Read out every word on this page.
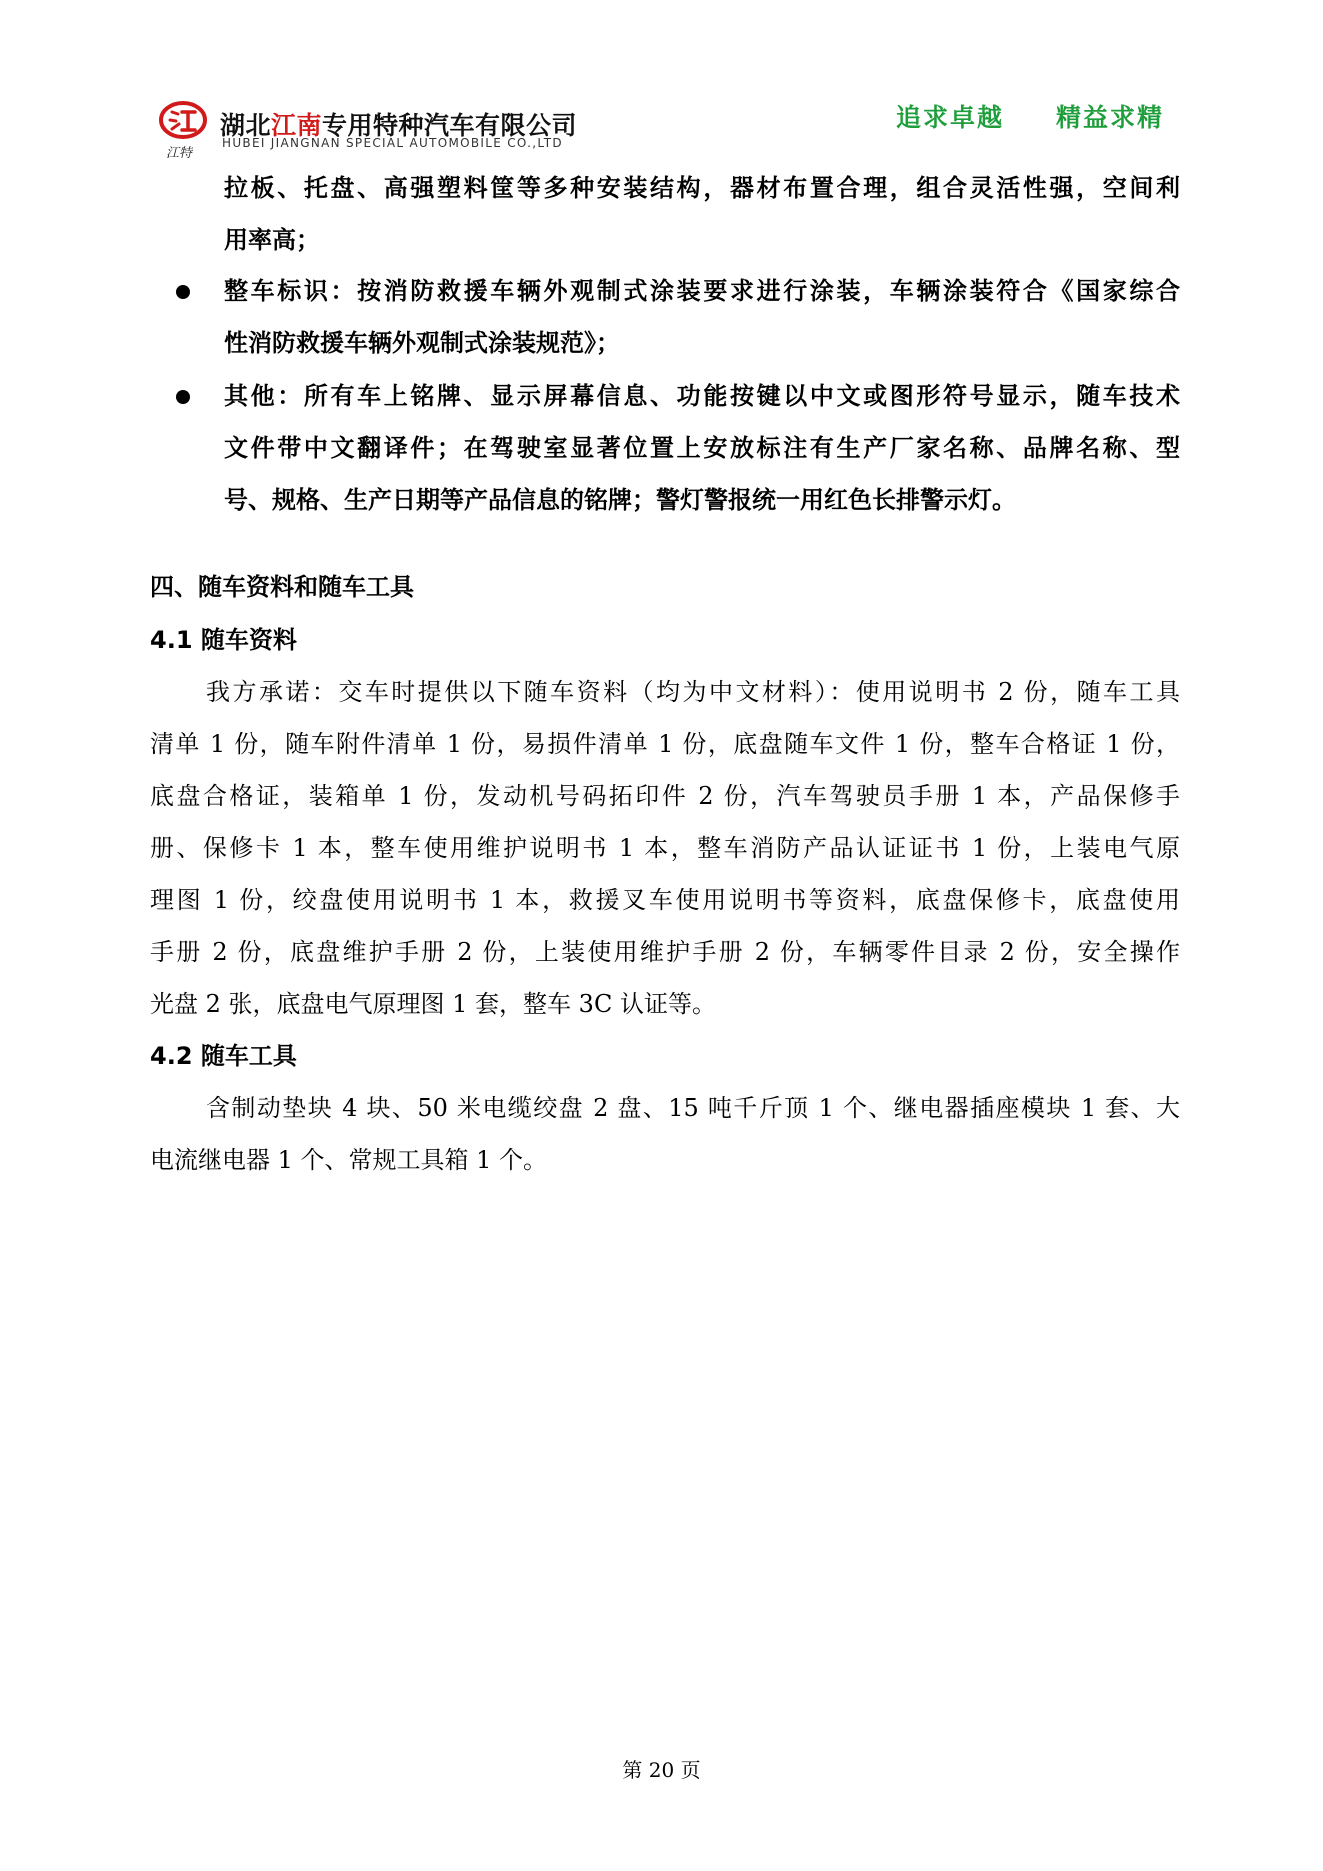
江特
湖北江南专用特种汽车有限公司
HUBEI JIANGNAN SPECIAL AUTOMOBILE CO.,LTD
追求卓越 精益求精
拉板、托盘、高强塑料筐等多种安装结构，器材布置合理，组合灵活性强，空间利
用率高；
整车标识：按消防救援车辆外观制式涂装要求进行涂装，车辆涂装符合《国家综合
性消防救援车辆外观制式涂装规范》；
其他：所有车上铭牌、显示屏幕信息、功能按键以中文或图形符号显示，随车技术
文件带中文翻译件；在驾驶室显著位置上安放标注有生产厂家名称、品牌名称、型
号、规格、生产日期等产品信息的铭牌；警灯警报统一用红色长排警示灯。
四、随车资料和随车工具
4.1 随车资料
我方承诺：交车时提供以下随车资料（均为中文材料）：使用说明书 2 份，随车工具
清单 1 份，随车附件清单 1 份，易损件清单 1 份，底盘随车文件 1 份，整车合格证 1 份，
底盘合格证，装箱单 1 份，发动机号码拓印件 2 份，汽车驾驶员手册 1 本，产品保修手
册、保修卡 1 本，整车使用维护说明书 1 本，整车消防产品认证证书 1 份，上装电气原
理图 1 份，绞盘使用说明书 1 本，救援叉车使用说明书等资料，底盘保修卡，底盘使用
手册 2 份，底盘维护手册 2 份，上装使用维护手册 2 份，车辆零件目录 2 份，安全操作
光盘 2 张，底盘电气原理图 1 套，整车 3C 认证等。
4.2 随车工具
含制动垫块 4 块、50 米电缆绞盘 2 盘、15 吨千斤顶 1 个、继电器插座模块 1 套、大
电流继电器 1 个、常规工具箱 1 个。
第 20 页
